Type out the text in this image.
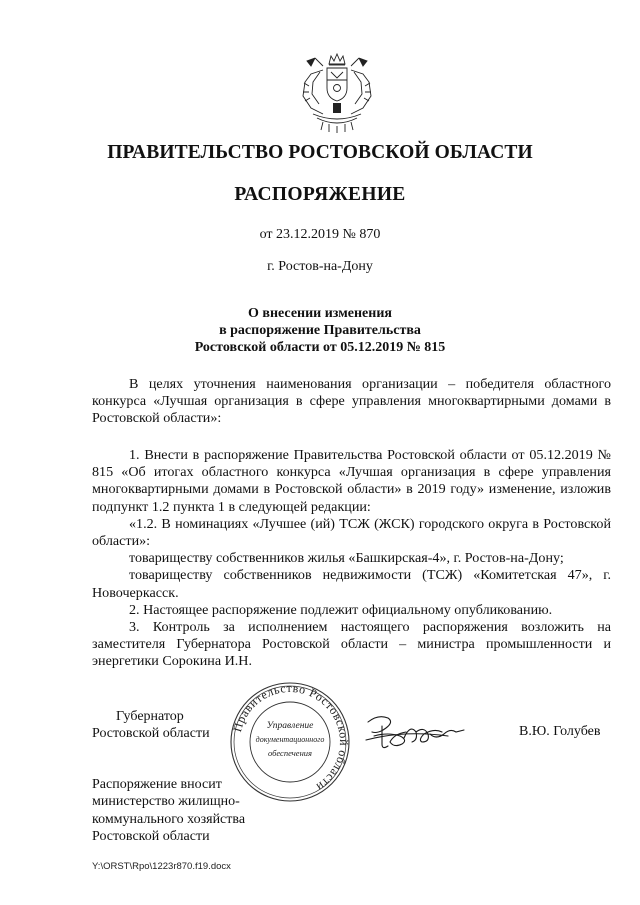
ПРАВИТЕЛЬСТВО РОСТОВСКОЙ ОБЛАСТИ
РАСПОРЯЖЕНИЕ
от 23.12.2019 № 870
г. Ростов-на-Дону
О внесении изменения
в распоряжение Правительства
Ростовской области от 05.12.2019 № 815
В целях уточнения наименования организации – победителя областного конкурса «Лучшая организация в сфере управления многоквартирными домами в Ростовской области»:
1. Внести в распоряжение Правительства Ростовской области от 05.12.2019 № 815 «Об итогах областного конкурса «Лучшая организация в сфере управления многоквартирными домами в Ростовской области» в 2019 году» изменение, изложив подпункт 1.2 пункта 1 в следующей редакции:
«1.2. В номинациях «Лучшее (ий) ТСЖ (ЖСК) городского округа в Ростовской области»:
товариществу собственников жилья «Башкирская-4», г. Ростов-на-Дону;
товариществу собственников недвижимости (ТСЖ) «Комитетская 47», г. Новочеркасск.
2. Настоящее распоряжение подлежит официальному опубликованию.
3. Контроль за исполнением настоящего распоряжения возложить на заместителя Губернатора Ростовской области – министра промышленности и энергетики Сорокина И.Н.
Губернатор
Ростовской области Правительство Ростовской области
Управление
документационного
обеспечения
В.Ю. Голубев
Распоряжение вносит
министерство жилищно-
коммунального хозяйства
Ростовской области
Y:\ORST\Rpo\1223r870.f19.docx
